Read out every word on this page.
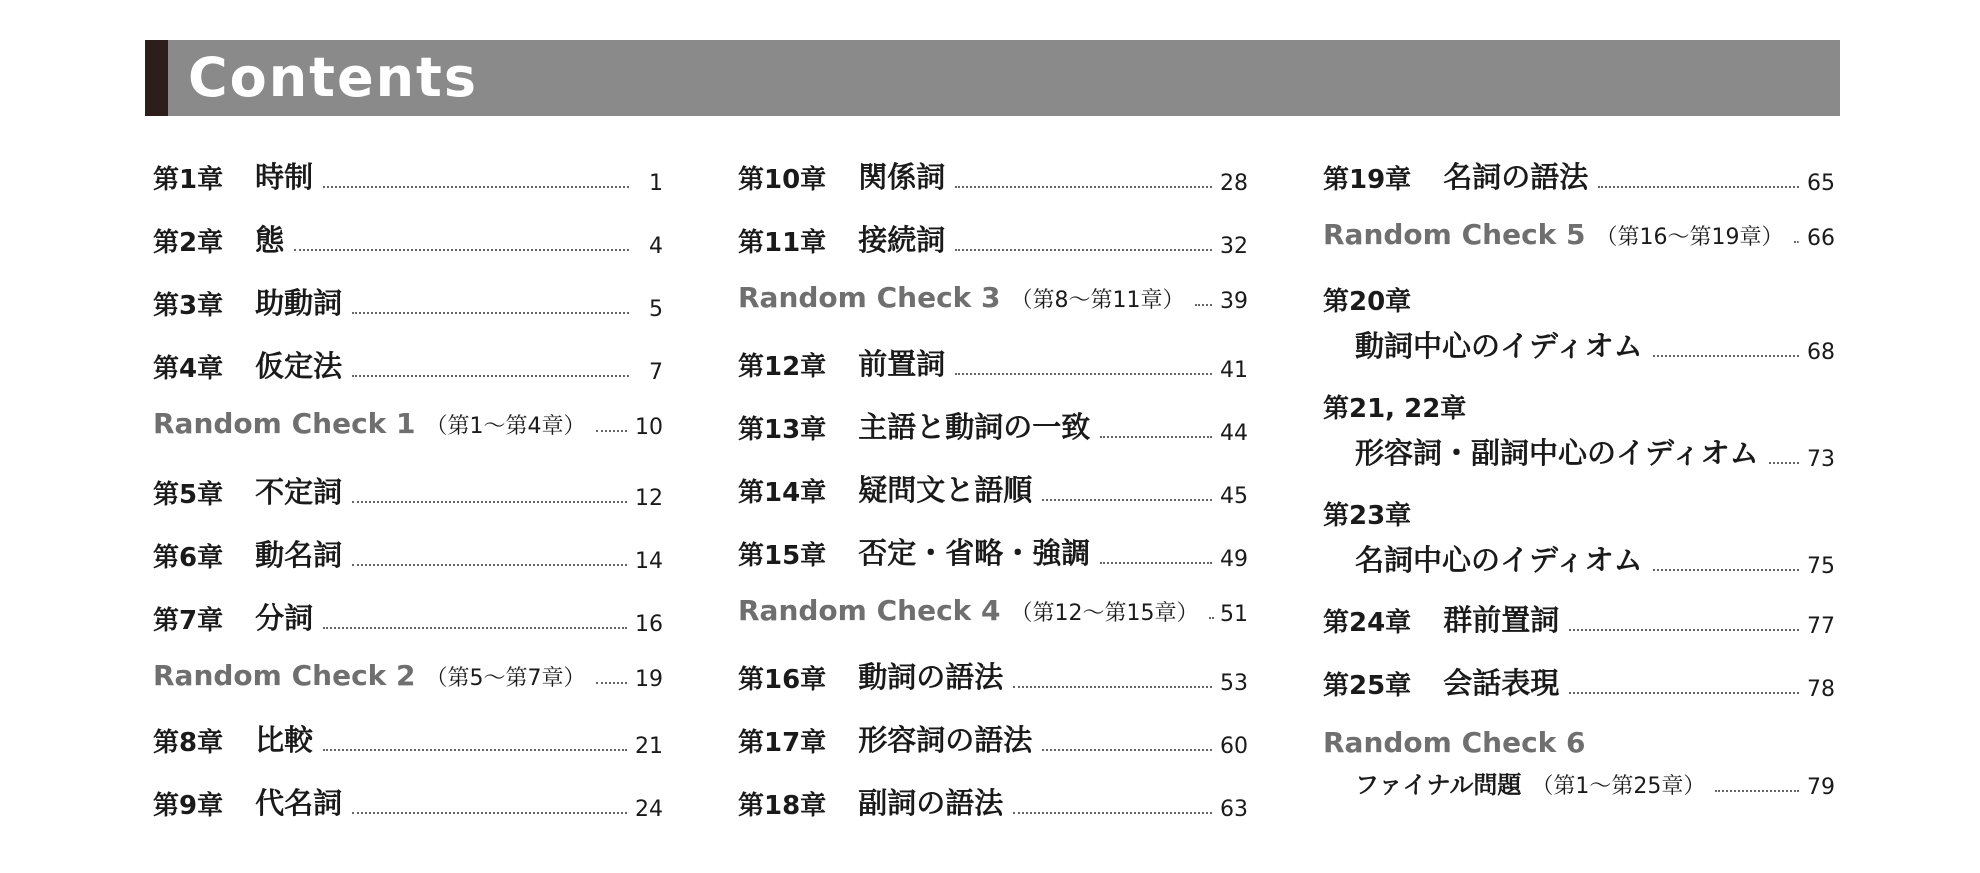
Contents
第1章 時制	1
第2章 態	4
第3章 助動詞	5
第4章 仮定法	7
Random Check 1 （第1～第4章） 10
第5章 不定詞	12
第6章 動名詞	14
第7章 分詞	16
Random Check 2 （第5～第7章） 19
第8章 比較	21
第9章 代名詞	24
第10章 関係詞	28
第11章 接続詞	32
Random Check 3 （第8～第11章） 39
第12章 前置詞	41
第13章 主語と動詞の一致	44
第14章 疑問文と語順	45
第15章 否定・省略・強調	49
Random Check 4 （第12～第15章） 51
第16章 動詞の語法	53
第17章 形容詞の語法	60
第18章 副詞の語法	63
第19章 名詞の語法	65
Random Check 5 （第16～第19章） 66
第20章
動詞中心のイディオム	68
第21, 22章
形容詞・副詞中心のイディオム 73
第23章
名詞中心のイディオム	75
第24章 群前置詞	77
第25章 会話表現	78
Random Check 6
ファイナル問題 （第1～第25章）	79
